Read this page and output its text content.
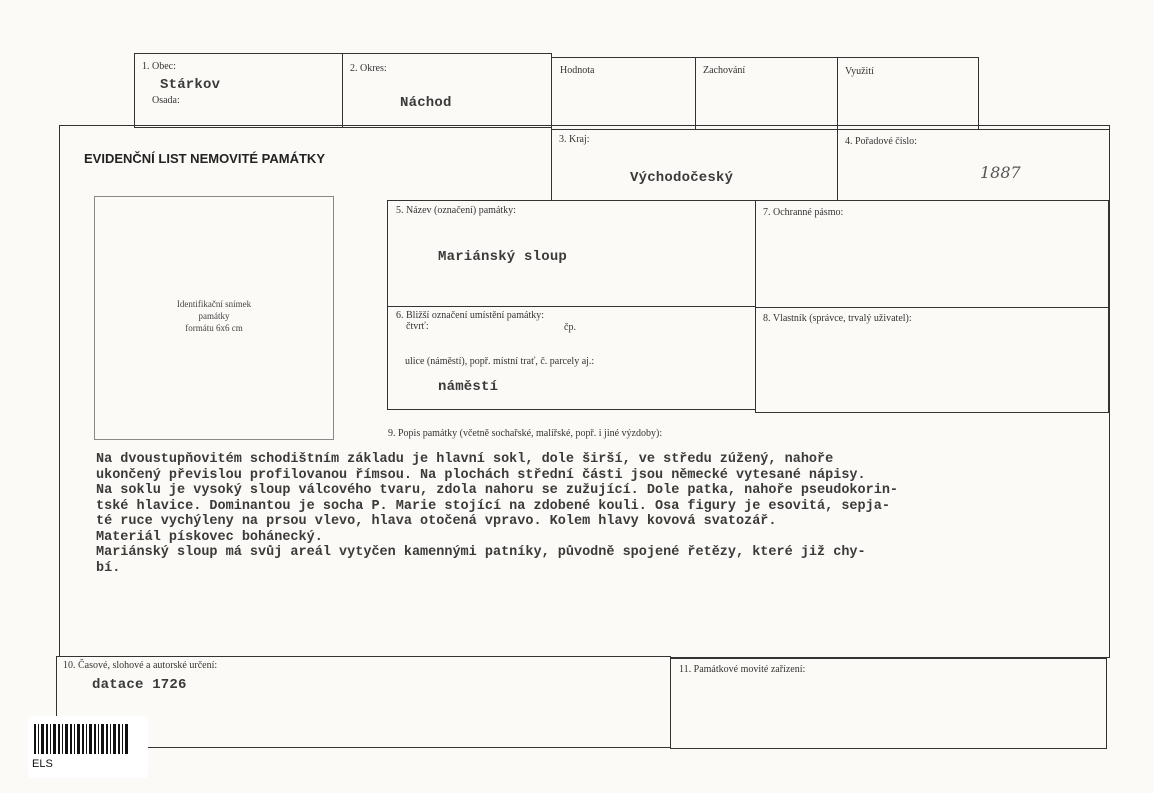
1. Obec:
Stárkov
Osada:
2. Okres:
Náchod
Hodnota	Zachování	Využití
EVIDENČNÍ LIST NEMOVITÉ PAMÁTKY
3. Kraj:
Východočeský
4. Pořadové číslo:
1887
5. Název (označení) památky:
Mariánský sloup
7. Ochranné pásmo:
6. Bližší označení umístění památky:
čtvrť:	čp.
ulice (náměstí), popř. místní trať, č. parcely aj.:
náměstí
8. Vlastník (správce, trvalý uživatel):
Identifikační snímek
památky
formátu 6x6 cm
9. Popis památky (včetně sochařské, malířské, popř. i jiné výzdoby):
Na dvoustupňovitém schodištním základu je hlavní sokl, dole širší, ve středu zúžený, nahoře
ukončený převislou profilovanou římsou. Na plochách střední části jsou německé vytesané nápisy.
Na soklu je vysoký sloup válcového tvaru, zdola nahoru se zužující. Dole patka, nahoře pseudokorin-
tské hlavice. Dominantou je socha P. Marie stojící na zdobené kouli. Osa figury je esovitá, sepja-
té ruce vychýleny na prsou vlevo, hlava otočená vpravo. Kolem hlavy kovová svatozář.
Materiál pískovec bohánecký.
Mariánský sloup má svůj areál vytyčen kamennými patníky, původně spojené řetězy, které již chy-
bí.
10. Časové, slohové a autorské určení:
datace 1726
11. Památkové movité zařízení:
ELS
